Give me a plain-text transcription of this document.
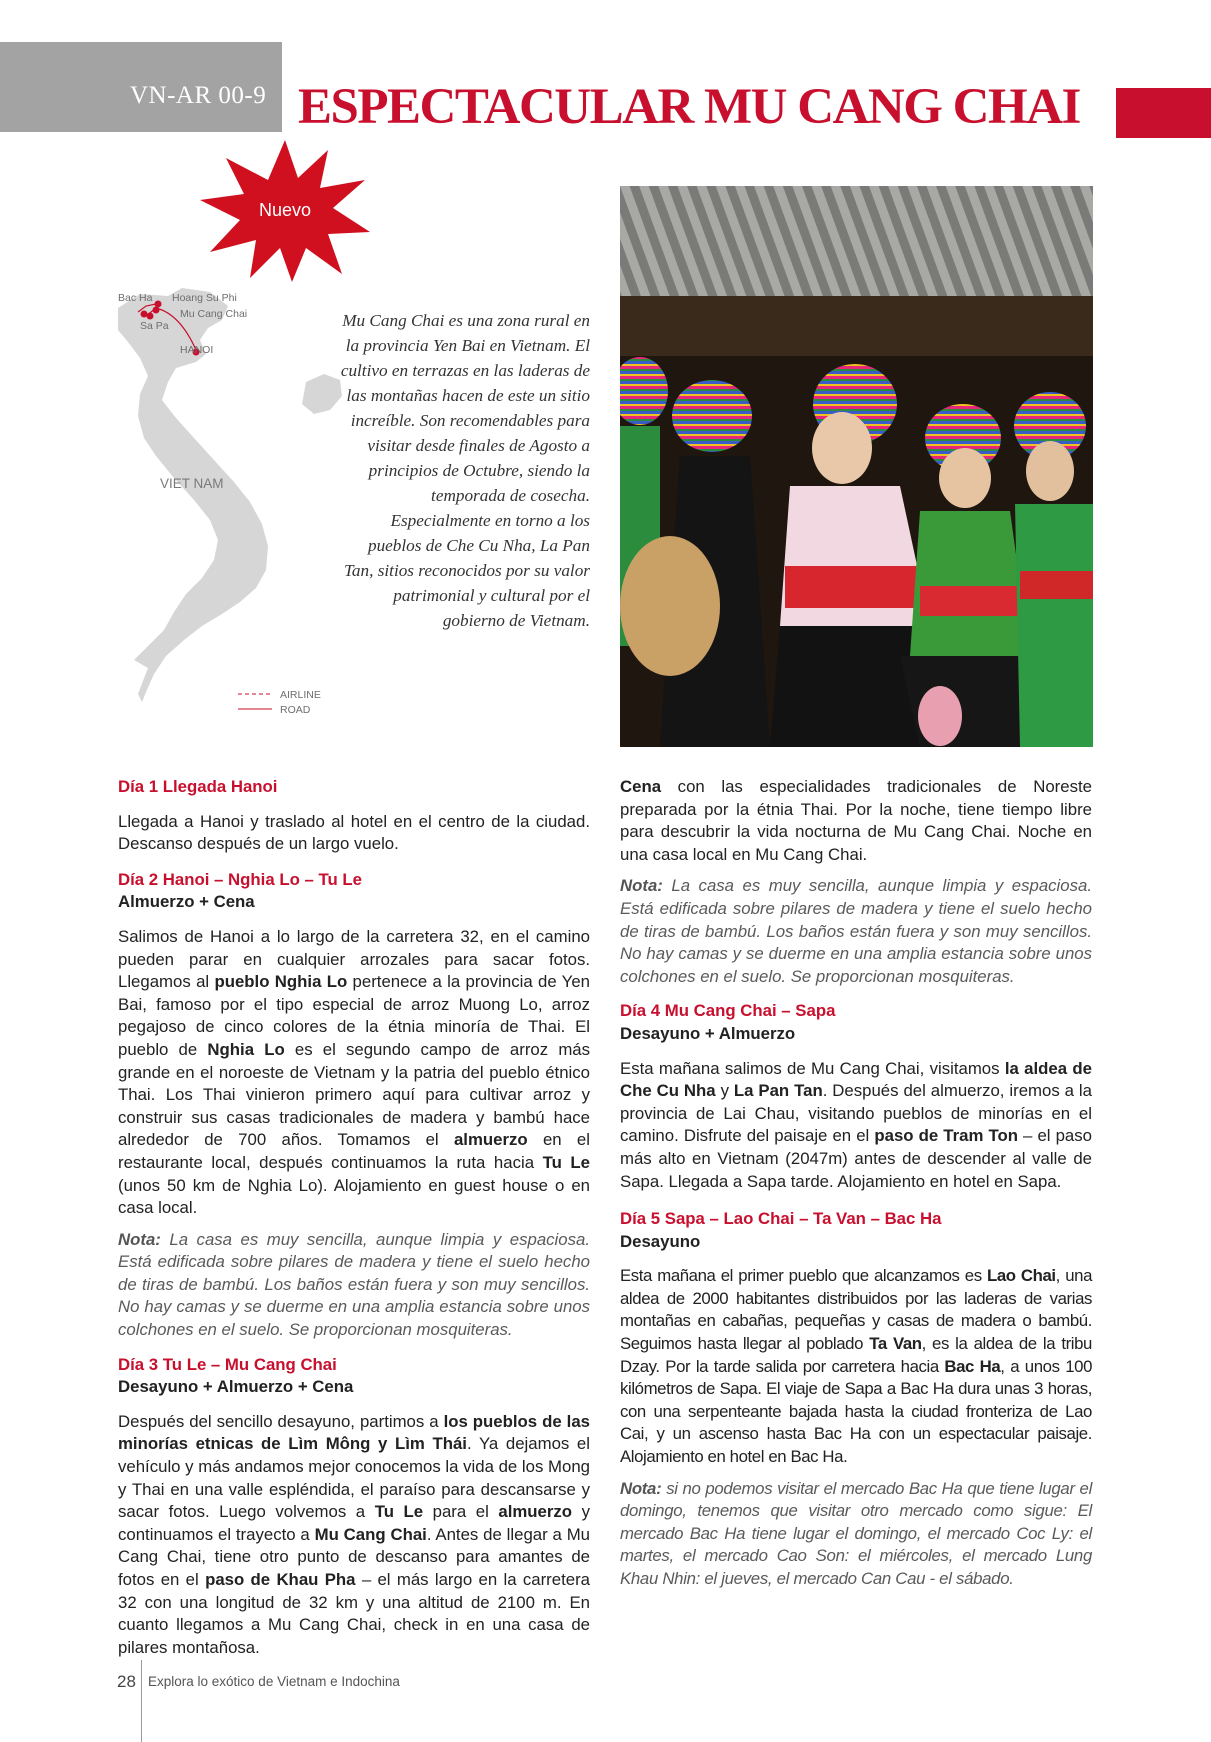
VN-AR 00-9 ESPECTACULAR MU CANG CHAI
Nuevo
Bac Ha Hoang Su Phi
Mu Cang Chai
Sa Pa
HANOI
VIET NAM
AIRLINE
ROAD
Mu Cang Chai es una zona rural en la provincia Yen Bai en Vietnam. El cultivo en terrazas en las laderas de las montañas hacen de este un sitio increíble. Son recomendables para visitar desde finales de Agosto a principios de Octubre, siendo la temporada de cosecha. Especialmente en torno a los pueblos de Che Cu Nha, La Pan Tan, sitios reconocidos por su valor patrimonial y cultural por el gobierno de Vietnam.

Día 1 Llegada Hanoi

Llegada a Hanoi y traslado al hotel en el centro de la ciudad. Descanso después de un largo vuelo.

Día 2 Hanoi – Nghia Lo – Tu Le

Almuerzo + Cena

Salimos de Hanoi a lo largo de la carretera 32, en el camino pueden parar en cualquier arrozales para sacar fotos. Llegamos al pueblo Nghia Lo pertenece a la provincia de Yen Bai, famoso por el tipo especial de arroz Muong Lo, arroz pegajoso de cinco colores de la étnia minoría de Thai. El pueblo de Nghia Lo es el segundo campo de arroz más grande en el noroeste de Vietnam y la patria del pueblo étnico Thai. Los Thai vinieron primero aquí para cultivar arroz y construir sus casas tradicionales de madera y bambú hace alrededor de 700 años. Tomamos el almuerzo en el restaurante local, después continuamos la ruta hacia Tu Le (unos 50 km de Nghia Lo). Alojamiento en guest house o en casa local.

Nota: La casa es muy sencilla, aunque limpia y espaciosa. Está edificada sobre pilares de madera y tiene el suelo hecho de tiras de bambú. Los baños están fuera y son muy sencillos. No hay camas y se duerme en una amplia estancia sobre unos colchones en el suelo. Se proporcionan mosquiteras.

Día 3 Tu Le – Mu Cang Chai

Desayuno + Almuerzo + Cena

Después del sencillo desayuno, partimos a los pueblos de las minorías etnicas de Lìm Mông y Lìm Thái. Ya dejamos el vehículo y más andamos mejor conocemos la vida de los Mong y Thai en una valle espléndida, el paraíso para descansarse y sacar fotos. Luego volvemos a Tu Le para el almuerzo y continuamos el trayecto a Mu Cang Chai. Antes de llegar a Mu Cang Chai, tiene otro punto de descanso para amantes de fotos en el paso de Khau Pha – el más largo en la carretera 32 con una longitud de 32 km y una altitud de 2100 m. En cuanto llegamos a Mu Cang Chai, check in en una casa de pilares montañosa.

Cena con las especialidades tradicionales de Noreste preparada por la étnia Thai. Por la noche, tiene tiempo libre para descubrir la vida nocturna de Mu Cang Chai. Noche en una casa local en Mu Cang Chai.

Nota: La casa es muy sencilla, aunque limpia y espaciosa. Está edificada sobre pilares de madera y tiene el suelo hecho de tiras de bambú. Los baños están fuera y son muy sencillos. No hay camas y se duerme en una amplia estancia sobre unos colchones en el suelo. Se proporcionan mosquiteras.

Día 4 Mu Cang Chai – Sapa

Desayuno + Almuerzo

Esta mañana salimos de Mu Cang Chai, visitamos la aldea de Che Cu Nha y La Pan Tan. Después del almuerzo, iremos a la provincia de Lai Chau, visitando pueblos de minorías en el camino. Disfrute del paisaje en el paso de Tram Ton – el paso más alto en Vietnam (2047m) antes de descender al valle de Sapa. Llegada a Sapa tarde. Alojamiento en hotel en Sapa.

Día 5 Sapa – Lao Chai – Ta Van – Bac Ha

Desayuno

Esta mañana el primer pueblo que alcanzamos es Lao Chai, una aldea de 2000 habitantes distribuidos por las laderas de varias montañas en cabañas, pequeñas y casas de madera o bambú. Seguimos hasta llegar al poblado Ta Van, es la aldea de la tribu Dzay. Por la tarde salida por carretera hacia Bac Ha, a unos 100 kilómetros de Sapa. El viaje de Sapa a Bac Ha dura unas 3 horas, con una serpenteante bajada hasta la ciudad fronteriza de Lao Cai, y un ascenso hasta Bac Ha con un espectacular paisaje. Alojamiento en hotel en Bac Ha.

Nota: si no podemos visitar el mercado Bac Ha que tiene lugar el domingo, tenemos que visitar otro mercado como sigue: El mercado Bac Ha tiene lugar el domingo, el mercado Coc Ly: el martes, el mercado Cao Son: el miércoles, el mercado Lung Khau Nhin: el jueves, el mercado Can Cau - el sábado.

28 Explora lo exótico de Vietnam e Indochina
